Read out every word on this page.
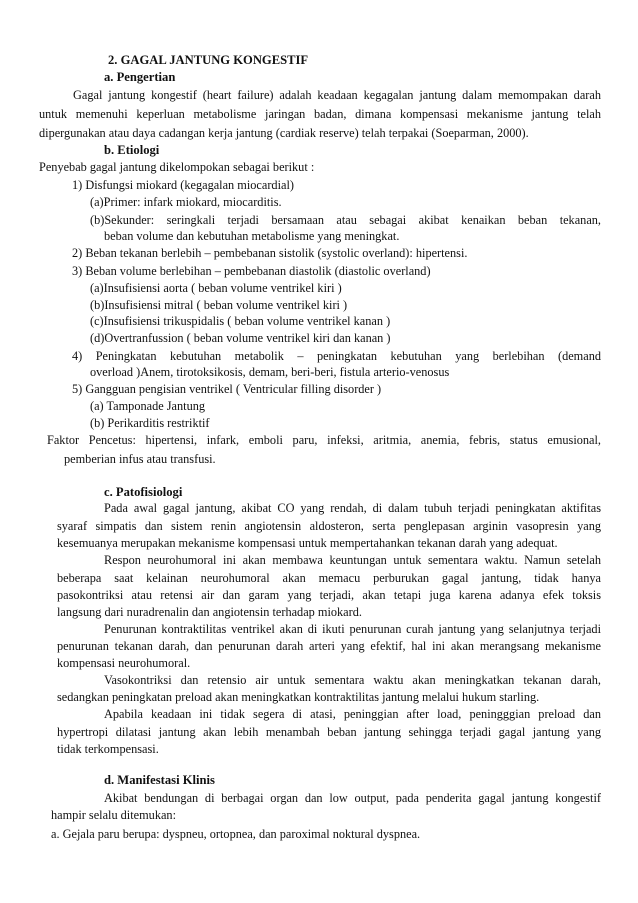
2. GAGAL JANTUNG KONGESTIF
a. Pengertian
Gagal jantung kongestif (heart failure) adalah keadaan kegagalan jantung dalam memompakan darah
untuk memenuhi keperluan metabolisme jaringan badan, dimana kompensasi mekanisme jantung telah
dipergunakan atau daya cadangan kerja jantung (cardiak reserve) telah terpakai (Soeparman, 2000).
b. Etiologi
Penyebab gagal jantung dikelompokan sebagai berikut :
1) Disfungsi miokard (kegagalan miocardial)
(a)Primer: infark miokard, miocarditis.
(b)Sekunder: seringkali terjadi bersamaan atau sebagai akibat kenaikan beban tekanan,
beban volume dan kebutuhan metabolisme yang meningkat.
2) Beban tekanan berlebih – pembebanan sistolik (systolic overland): hipertensi.
3) Beban volume berlebihan – pembebanan diastolik (diastolic overland)
(a)Insufisiensi aorta ( beban volume ventrikel kiri )
(b)Insufisiensi mitral ( beban volume ventrikel kiri )
(c)Insufisiensi trikuspidalis ( beban volume ventrikel kanan )
(d)Overtranfussion ( beban volume ventrikel kiri dan kanan )
4) Peningkatan kebutuhan metabolik – peningkatan kebutuhan yang berlebihan (demand
overload )Anem, tirotoksikosis, demam, beri-beri, fistula arterio-venosus
5) Gangguan pengisian ventrikel ( Ventricular filling disorder )
(a) Tamponade Jantung
(b) Perikarditis restriktif
Faktor Pencetus: hipertensi, infark, emboli paru, infeksi, aritmia, anemia, febris, status emusional,
pemberian infus atau transfusi.
c. Patofisiologi
Pada awal gagal jantung, akibat CO yang rendah, di dalam tubuh terjadi peningkatan aktifitas
syaraf simpatis dan sistem renin angiotensin aldosteron, serta penglepasan arginin vasopresin yang
kesemuanya merupakan mekanisme kompensasi untuk mempertahankan tekanan darah yang adequat.
Respon neurohumoral ini akan membawa keuntungan untuk sementara waktu. Namun setelah
beberapa saat kelainan neurohumoral akan memacu perburukan gagal jantung, tidak hanya
pasokontriksi atau retensi air dan garam yang terjadi, akan tetapi juga karena adanya efek toksis
langsung dari nuradrenalin dan angiotensin terhadap miokard.
Penurunan kontraktilitas ventrikel akan di ikuti penurunan curah jantung yang selanjutnya terjadi
penurunan tekanan darah, dan penurunan darah arteri yang efektif, hal ini akan merangsang mekanisme
kompensasi neurohumoral.
Vasokontriksi dan retensio air untuk sementara waktu akan meningkatkan tekanan darah,
sedangkan peningkatan preload akan meningkatkan kontraktilitas jantung melalui hukum starling.
Apabila keadaan ini tidak segera di atasi, peninggian after load, peningggian preload dan
hypertropi dilatasi jantung akan lebih menambah beban jantung sehingga terjadi gagal jantung yang
tidak terkompensasi.
d. Manifestasi Klinis
Akibat bendungan di berbagai organ dan low output, pada penderita gagal jantung kongestif
hampir selalu ditemukan:
a. Gejala paru berupa: dyspneu, ortopnea, dan paroximal noktural dyspnea.
